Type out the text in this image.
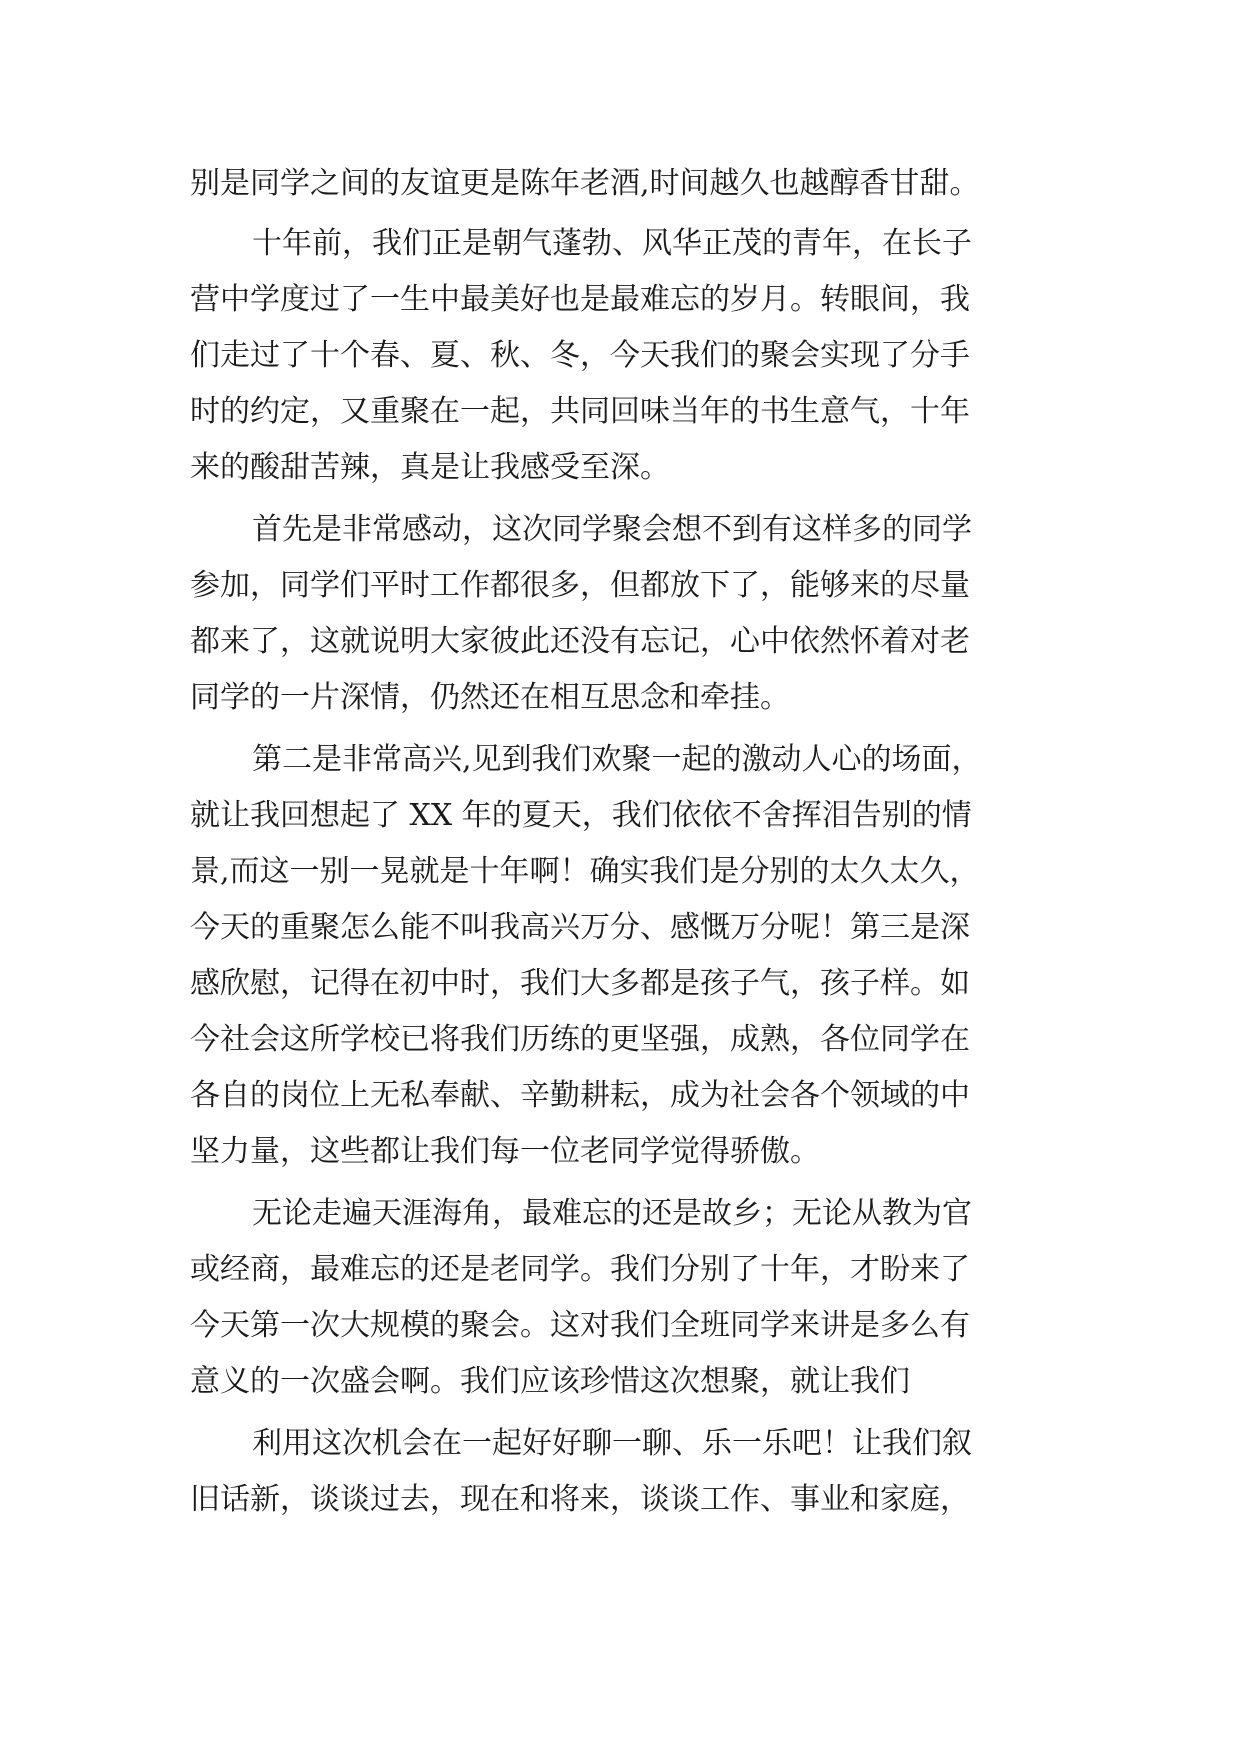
别是同学之间的友谊更是陈年老酒,时间越久也越醇香甘甜。
十年前，我们正是朝气蓬勃、风华正茂的青年，在长子
营中学度过了一生中最美好也是最难忘的岁月。转眼间，我
们走过了十个春、夏、秋、冬，今天我们的聚会实现了分手
时的约定，又重聚在一起，共同回味当年的书生意气，十年
来的酸甜苦辣，真是让我感受至深。
首先是非常感动，这次同学聚会想不到有这样多的同学
参加，同学们平时工作都很多，但都放下了，能够来的尽量
都来了，这就说明大家彼此还没有忘记，心中依然怀着对老
同学的一片深情，仍然还在相互思念和牵挂。
第二是非常高兴,见到我们欢聚一起的激动人心的场面，
就让我回想起了 XX 年的夏天，我们依依不舍挥泪告别的情
景,而这一别一晃就是十年啊！确实我们是分别的太久太久，
今天的重聚怎么能不叫我高兴万分、感慨万分呢！第三是深
感欣慰，记得在初中时，我们大多都是孩子气，孩子样。如
今社会这所学校已将我们历练的更坚强，成熟，各位同学在
各自的岗位上无私奉献、辛勤耕耘，成为社会各个领域的中
坚力量，这些都让我们每一位老同学觉得骄傲。
无论走遍天涯海角，最难忘的还是故乡；无论从教为官
或经商，最难忘的还是老同学。我们分别了十年，才盼来了
今天第一次大规模的聚会。这对我们全班同学来讲是多么有
意义的一次盛会啊。我们应该珍惜这次想聚，就让我们
利用这次机会在一起好好聊一聊、乐一乐吧！让我们叙
旧话新，谈谈过去，现在和将来，谈谈工作、事业和家庭，
